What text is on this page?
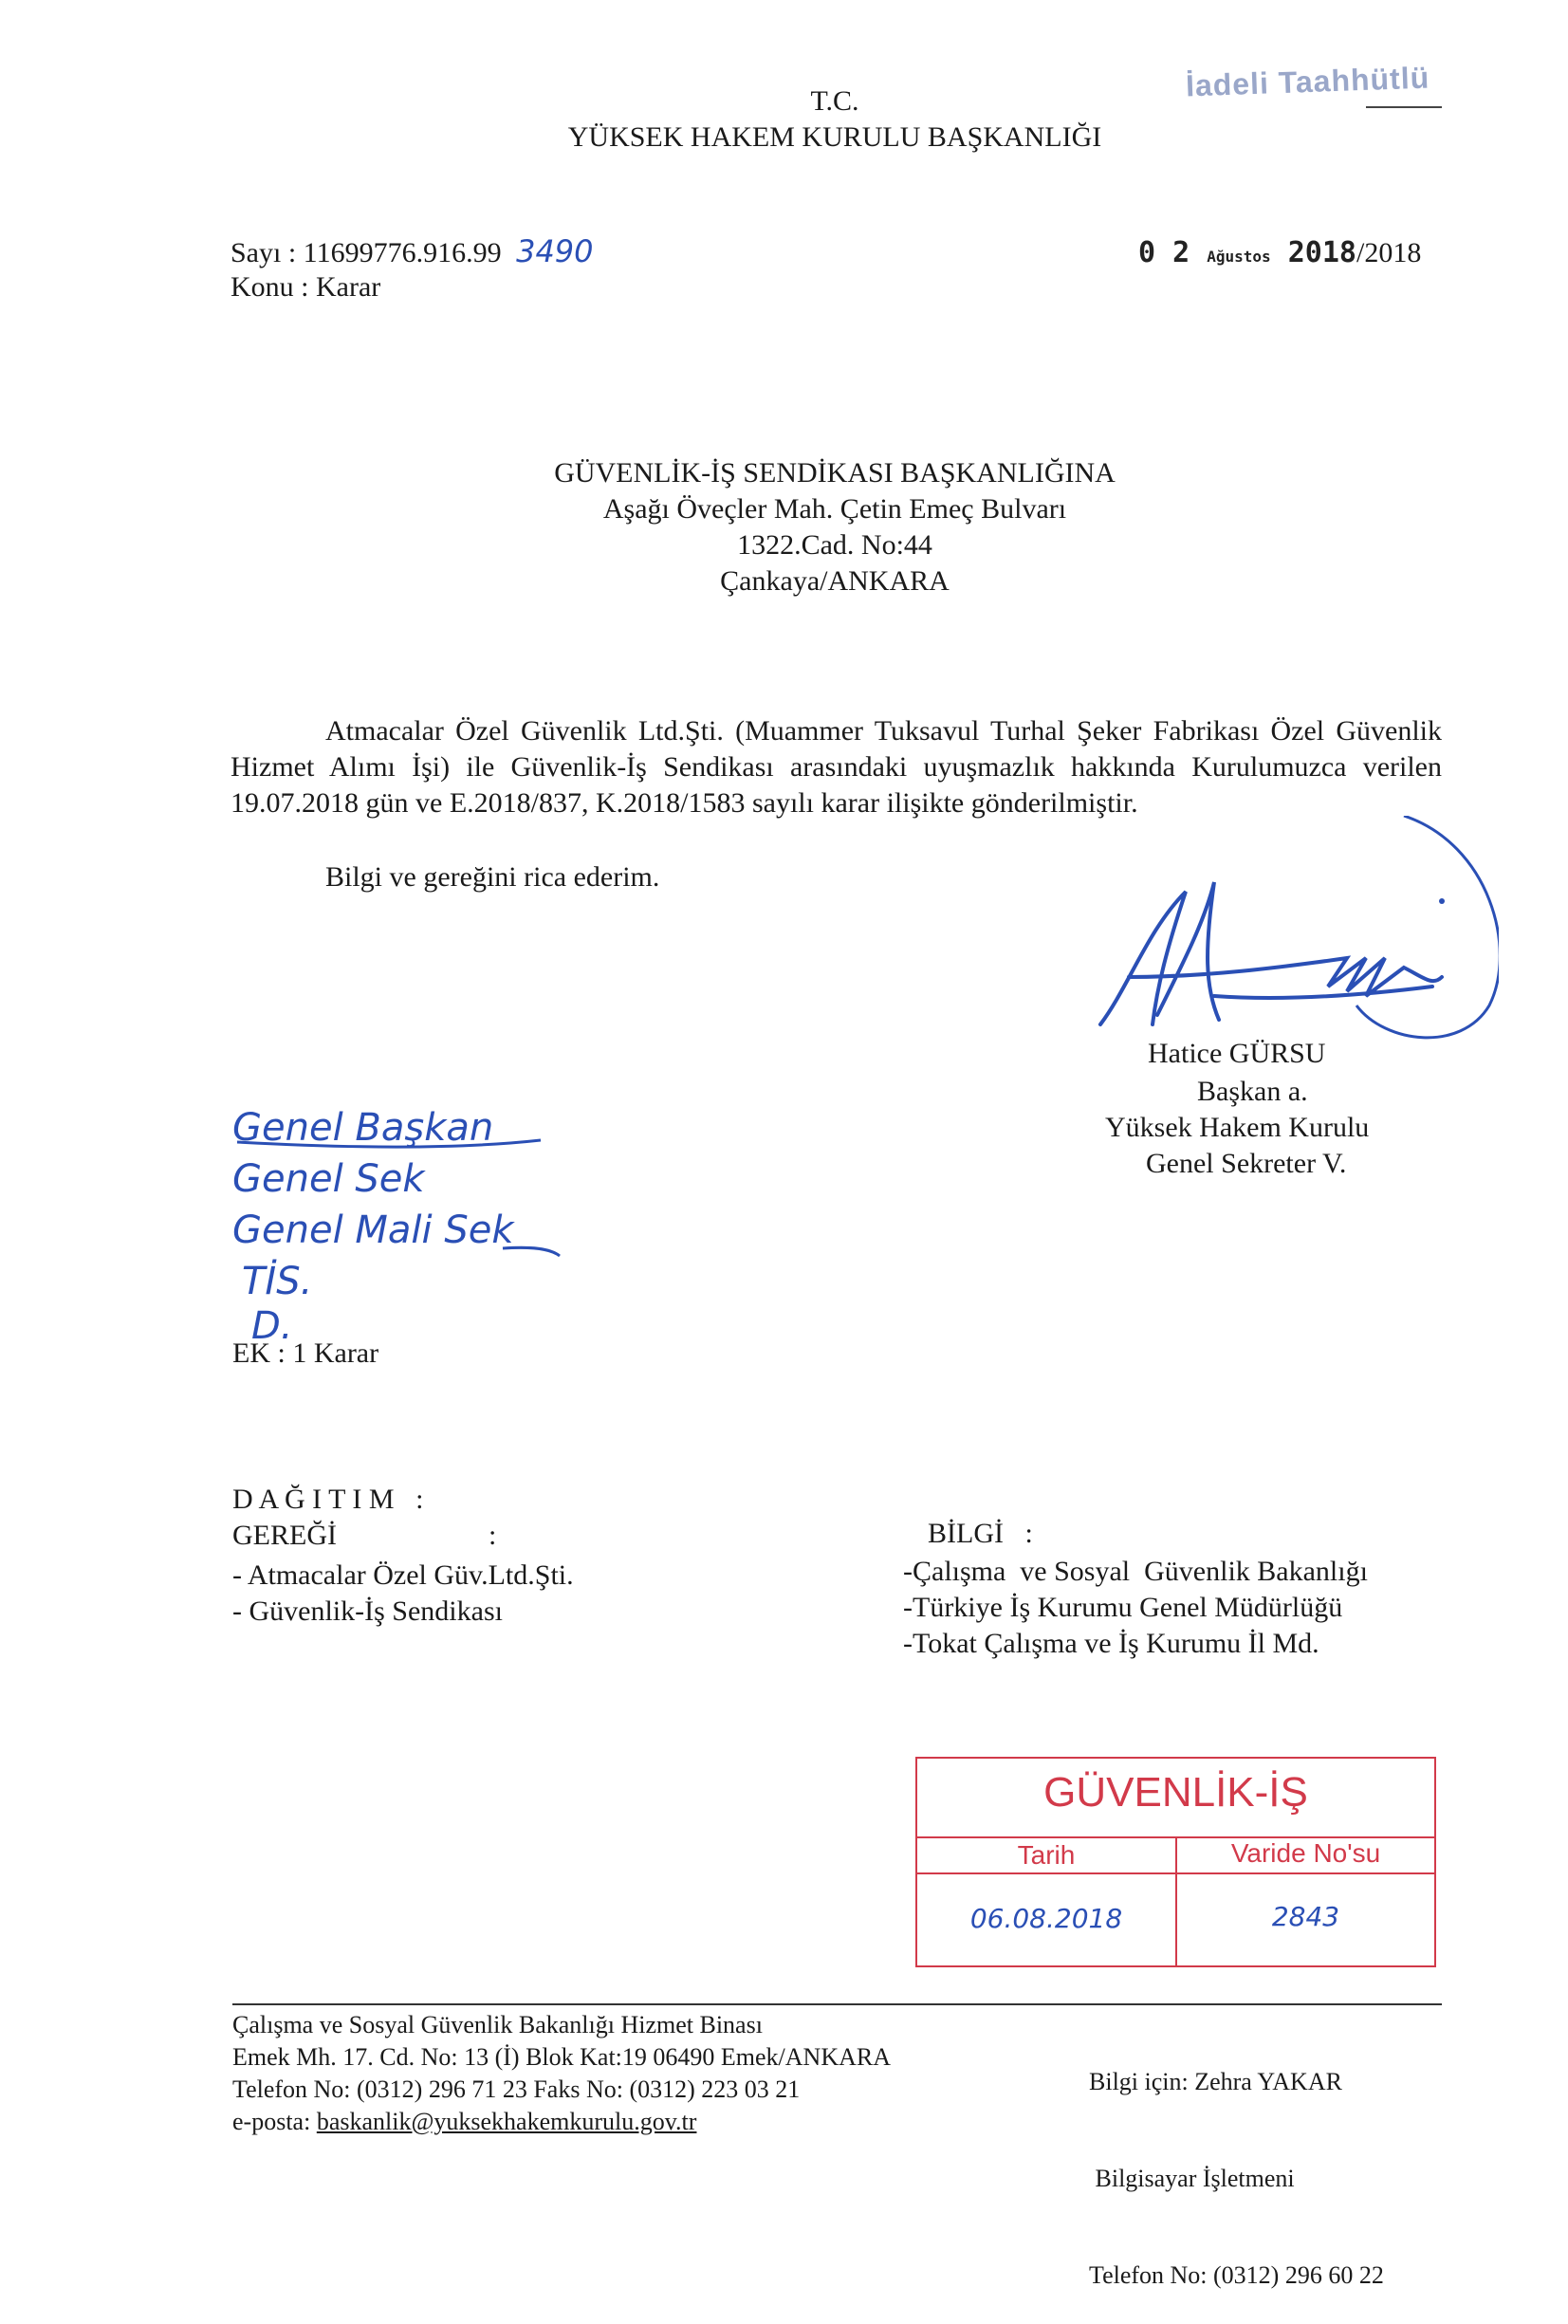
T.C.
YÜKSEK HAKEM KURULU BAŞKANLIĞI
İadeli Taahhütlü
Sayı : 11699776.916.99 3490
Konu : Karar
0 2 Ağustos 2018/2018
GÜVENLİK-İŞ SENDİKASI BAŞKANLIĞINA
Aşağı Öveçler Mah. Çetin Emeç Bulvarı
1322.Cad. No:44
Çankaya/ANKARA
Atmacalar Özel Güvenlik Ltd.Şti. (Muammer Tuksavul Turhal Şeker Fabrikası Özel Güvenlik Hizmet Alımı İşi) ile Güvenlik-İş Sendikası arasındaki uyuşmazlık hakkında Kurulumuzca verilen 19.07.2018 gün ve E.2018/837, K.2018/1583 sayılı karar ilişikte gönderilmiştir.
Bilgi ve gereğini rica ederim.
Hatice GÜRSU
Başkan a.
Yüksek Hakem Kurulu
Genel Sekreter V.
Genel Başkan
Genel Sek
Genel Mali Sek
TİS.
D.
EK : 1 Karar
D A Ğ I T I M   :
GEREĞİ	:
- Atmacalar Özel Güv.Ltd.Şti.
- Güvenlik-İş Sendikası
BİLGİ   :
-Çalışma  ve Sosyal  Güvenlik Bakanlığı
-Türkiye İş Kurumu Genel Müdürlüğü
-Tokat Çalışma ve İş Kurumu İl Md.
GÜVENLİK-İŞ
Tarih	Varide No'su
06.08.2018	2843
Çalışma ve Sosyal Güvenlik Bakanlığı Hizmet Binası
Emek Mh. 17. Cd. No: 13 (İ) Blok Kat:19 06490 Emek/ANKARA
Telefon No: (0312) 296 71 23 Faks No: (0312) 223 03 21
e-posta: baskanlik@yuksekhakemkurulu.gov.tr

Bilgi için: Zehra YAKAR

Bilgisayar İşletmeni

Telefon No: (0312) 296 60 22
